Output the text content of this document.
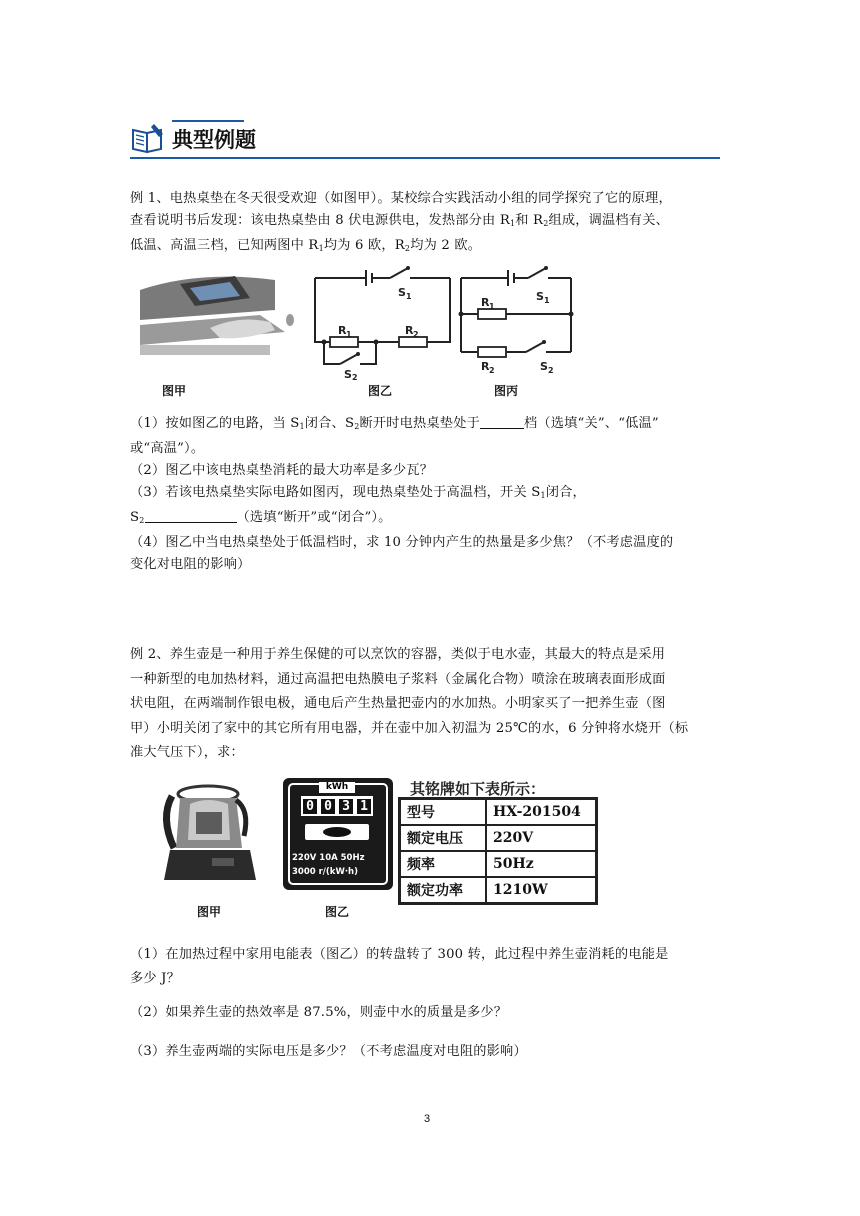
典型例题
例 1、电热桌垫在冬天很受欢迎（如图甲）。某校综合实践活动小组的同学探究了它的原理，
查看说明书后发现：该电热桌垫由 8 伏电源供电，发热部分由 $R_1$和 $R_2$组成，调温档有关、
低温、高温三档，已知两图中 $R_1$均为 6 欧，$R_2$均为 2 欧。
图甲
S1 R1	R2 S2
图乙
S1 R1 R2	S2
图丙
（1）按如图乙的电路，当 $S_1$闭合、$S_2$断开时电热桌垫处于	档（选填“关”、“低温”
或“高温”）。
（2）图乙中该电热桌垫消耗的最大功率是多少瓦？
（3）若该电热桌垫实际电路如图丙，现电热桌垫处于高温档，开关 $S_1$闭合，
$S_2$	（选填“断开”或“闭合”）。
（4）图乙中当电热桌垫处于低温档时，求 10 分钟内产生的热量是多少焦？（不考虑温度的
变化对电阻的影响）
例 2、养生壶是一种用于养生保健的可以烹饮的容器，类似于电水壶，其最大的特点是采用
一种新型的电加热材料，通过高温把电热膜电子浆料（金属化合物）喷涂在玻璃表面形成面
状电阻，在两端制作银电极，通电后产生热量把壶内的水加热。小明家买了一把养生壶（图
甲）小明关闭了家中的其它所有用电器，并在壶中加入初温为 25℃的水，6 分钟将水烧开（标
准大气压下），求：
图甲
kWh
0 0 3 1
220V 10A 50Hz
3000 r/(kW·h)
图乙
其铭牌如下表所示：
型号	HX-201504
额定电压	220V
频率	50Hz
额定功率	1210W
（1）在加热过程中家用电能表（图乙）的转盘转了 300 转，此过程中养生壶消耗的电能是
多少 J？
（2）如果养生壶的热效率是 87.5%，则壶中水的质量是多少？
（3）养生壶两端的实际电压是多少？（不考虑温度对电阻的影响）
3
